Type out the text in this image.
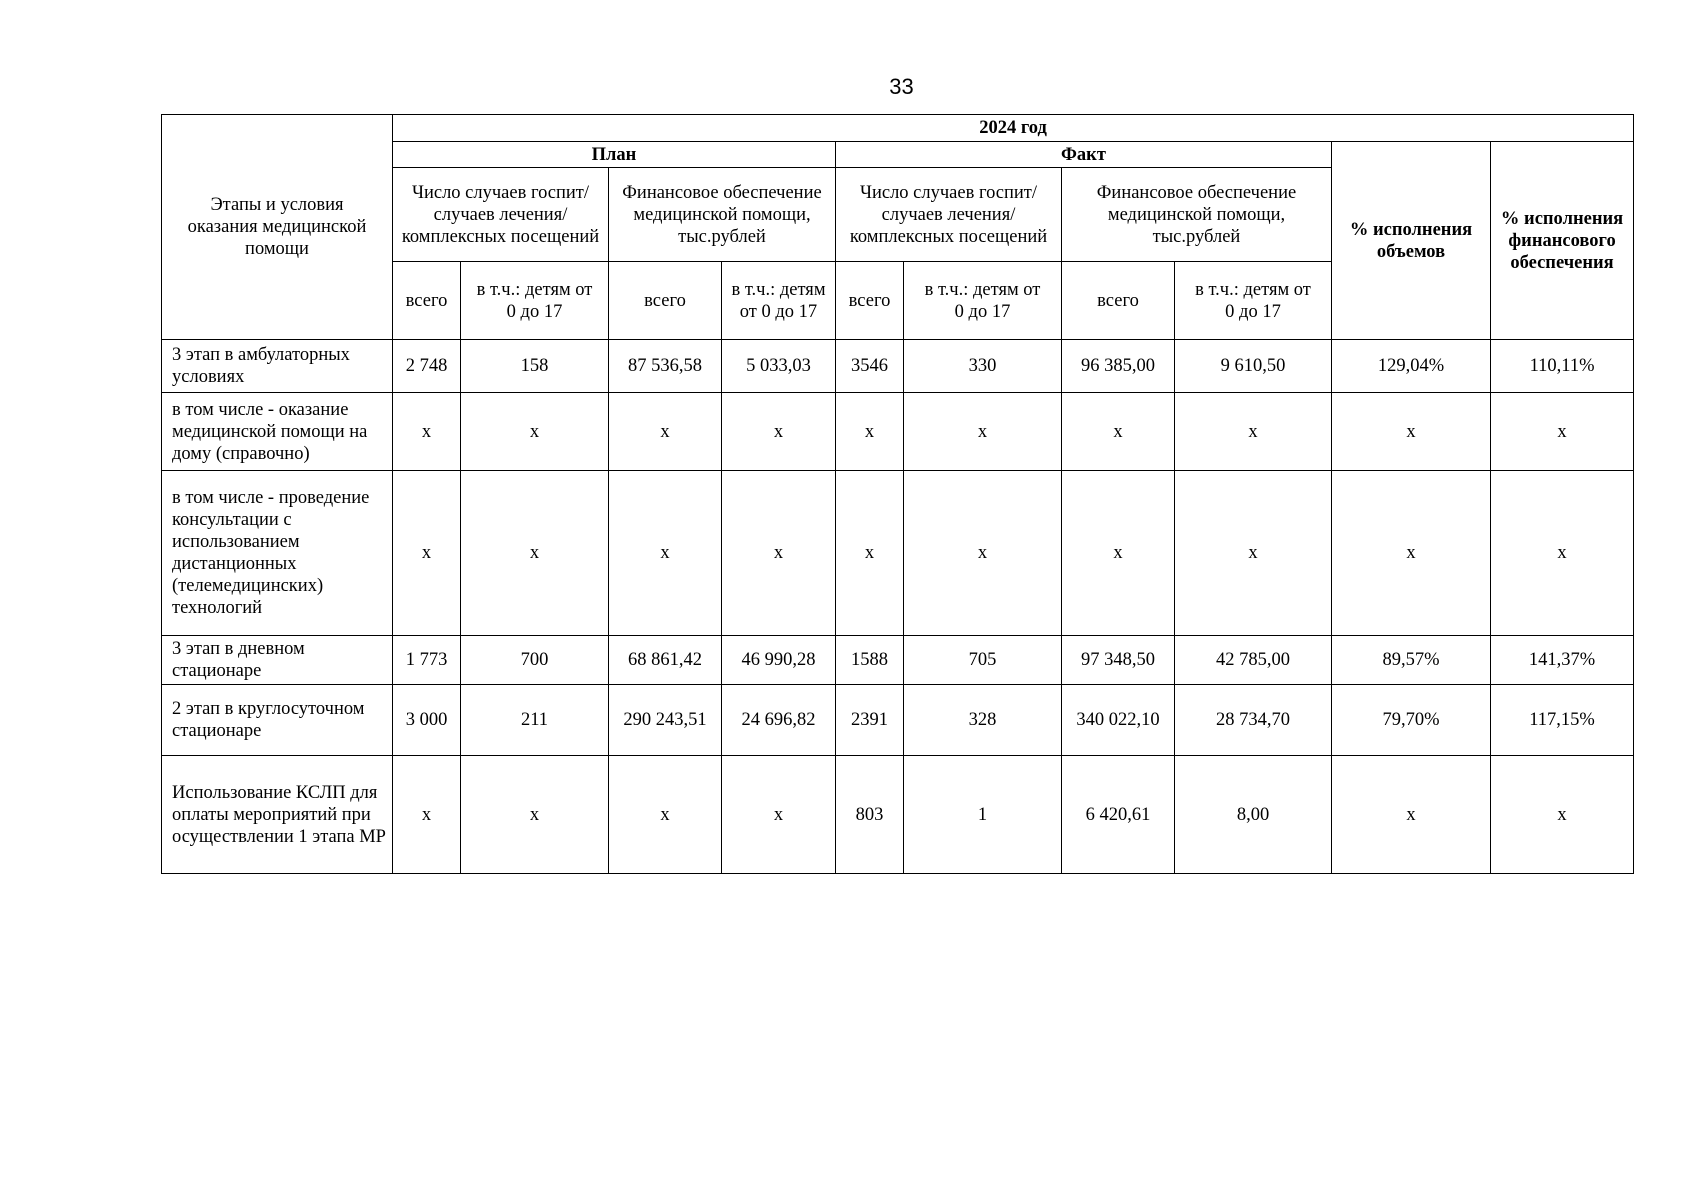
33
Этапы и условия оказания медицинской помощи	2024 год									
	План				Факт				% исполнения объемов	% исполнения финансового обеспечения
	Число случаев госпит/случаев лечения/комплексных посещений		Финансовое обеспечение медицинской помощи, тыс.рублей		Число случаев госпит/случаев лечения/комплексных посещений		Финансовое обеспечение медицинской помощи, тыс.рублей			
	всего	в т.ч.: детям от 0 до 17	всего	в т.ч.: детям от 0 до 17	всего	в т.ч.: детям от 0 до 17	всего	в т.ч.: детям от 0 до 17		
3 этап в амбулаторных условиях	2 748	158	87 536,58	5 033,03	3546	330	96 385,00	9 610,50	129,04%	110,11%
в том числе - оказание медицинской помощи на дому (справочно)	х	х	х	х	х	х	х	х	х	х
в том числе - проведение консультации с использованием дистанционных (телемедицинских) технологий	х	х	х	х	х	х	х	х	х	х
3 этап в дневном стационаре	1 773	700	68 861,42	46 990,28	1588	705	97 348,50	42 785,00	89,57%	141,37%
2 этап в круглосуточном стационаре	3 000	211	290 243,51	24 696,82	2391	328	340 022,10	28 734,70	79,70%	117,15%
Использование КСЛП для оплаты мероприятий при осуществлении 1 этапа МР	х	х	х	х	803	1	6 420,61	8,00	х	х
